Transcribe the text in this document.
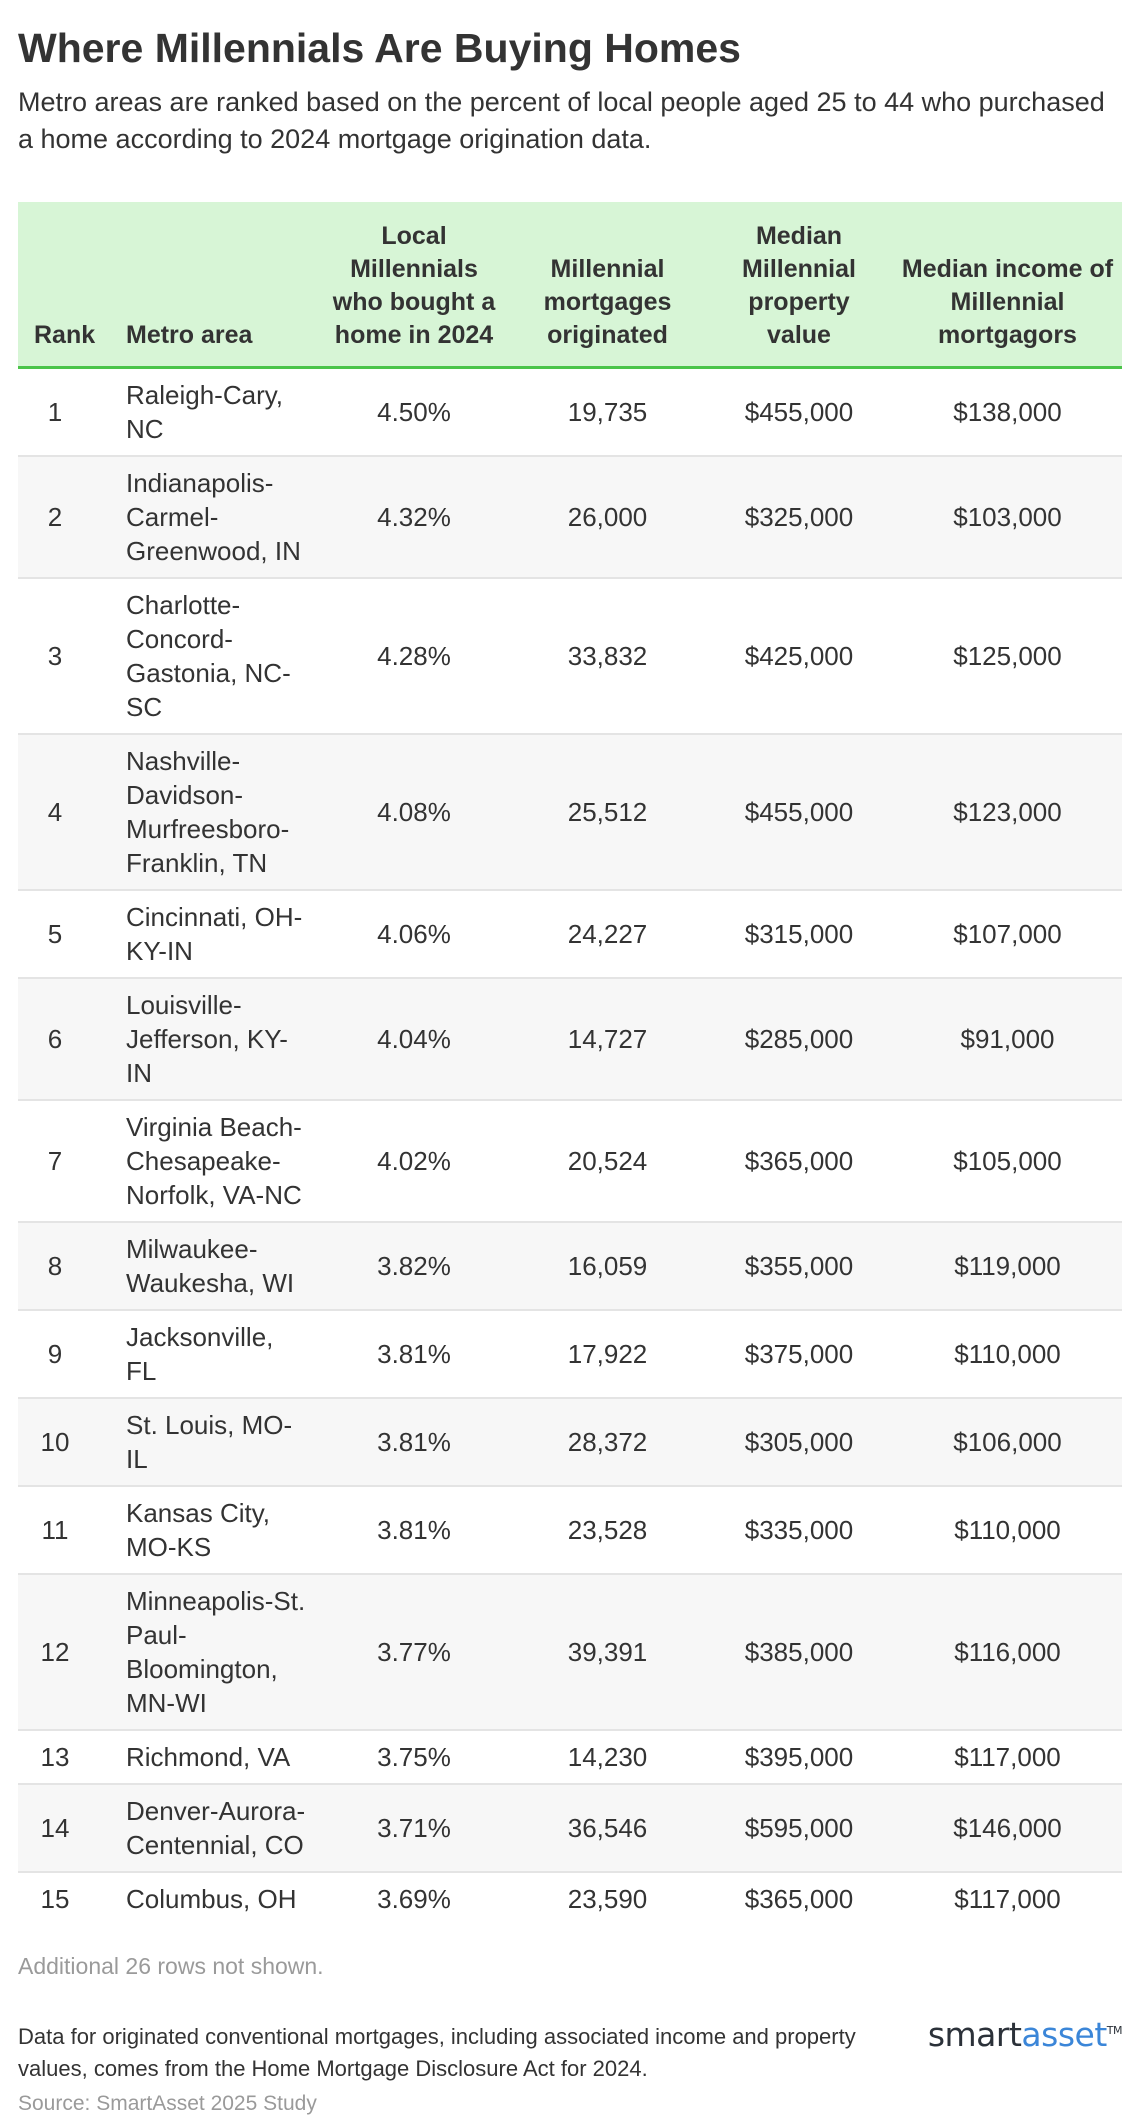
Where Millennials Are Buying Homes
Metro areas are ranked based on the percent of local people aged 25 to 44 who purchased a home according to 2024 mortgage origination data.
Rank	Metro area	Local Millennials who bought a home in 2024	Millennial mortgages originated	Median Millennial property value	Median income of Millennial mortgagors
1	Raleigh-Cary, NC	4.50%	19,735	$455,000	$138,000
2	Indianapolis-Carmel-Greenwood, IN	4.32%	26,000	$325,000	$103,000
3	Charlotte-Concord-Gastonia, NC-SC	4.28%	33,832	$425,000	$125,000
4	Nashville-Davidson-Murfreesboro-Franklin, TN	4.08%	25,512	$455,000	$123,000
5	Cincinnati, OH-KY-IN	4.06%	24,227	$315,000	$107,000
6	Louisville-Jefferson, KY-IN	4.04%	14,727	$285,000	$91,000
7	Virginia Beach-Chesapeake-Norfolk, VA-NC	4.02%	20,524	$365,000	$105,000
8	Milwaukee-Waukesha, WI	3.82%	16,059	$355,000	$119,000
9	Jacksonville, FL	3.81%	17,922	$375,000	$110,000
10	St. Louis, MO-IL	3.81%	28,372	$305,000	$106,000
11	Kansas City, MO-KS	3.81%	23,528	$335,000	$110,000
12	Minneapolis-St. Paul-Bloomington, MN-WI	3.77%	39,391	$385,000	$116,000
13	Richmond, VA	3.75%	14,230	$395,000	$117,000
14	Denver-Aurora-Centennial, CO	3.71%	36,546	$595,000	$146,000
15	Columbus, OH	3.69%	23,590	$365,000	$117,000
Additional 26 rows not shown.
Data for originated conventional mortgages, including associated income and property values, comes from the Home Mortgage Disclosure Act for 2024.
Source: SmartAsset 2025 Study
smartasset™
